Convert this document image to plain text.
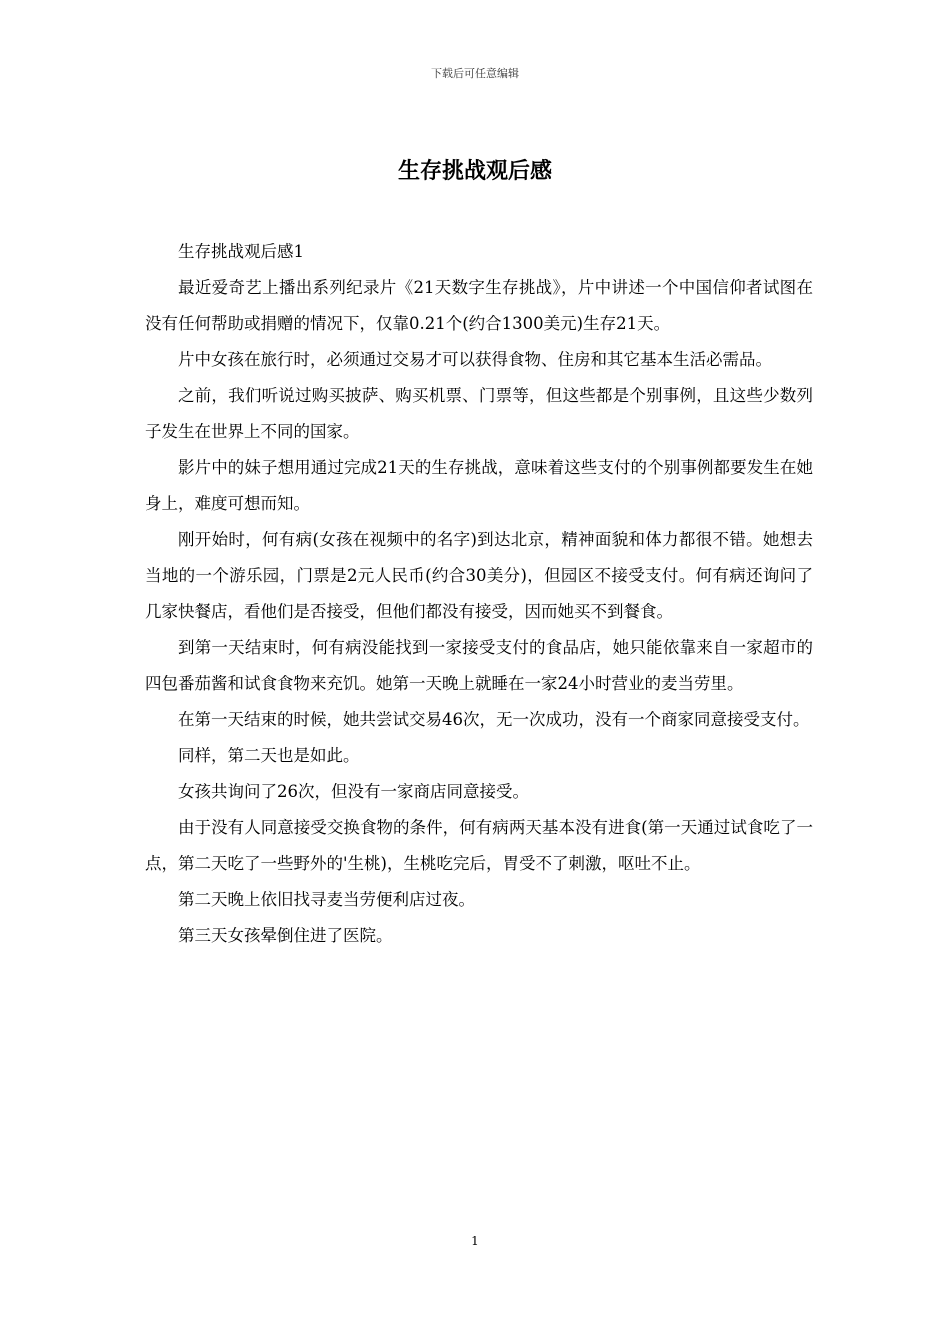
下载后可任意编辑
生存挑战观后感

生存挑战观后感1

最近爱奇艺上播出系列纪录片《21天数字生存挑战》，片中讲述一个中国信仰者试图在没有任何帮助或捐赠的情况下，仅靠0.21个(约合1300美元)生存21天。

片中女孩在旅行时，必须通过交易才可以获得食物、住房和其它基本生活必需品。

之前，我们听说过购买披萨、购买机票、门票等，但这些都是个别事例，且这些少数列子发生在世界上不同的国家。

影片中的妹子想用通过完成21天的生存挑战，意味着这些支付的个别事例都要发生在她身上，难度可想而知。

刚开始时，何有病(女孩在视频中的名字)到达北京，精神面貌和体力都很不错。她想去当地的一个游乐园，门票是2元人民币(约合30美分)，但园区不接受支付。何有病还询问了几家快餐店，看他们是否接受，但他们都没有接受，因而她买不到餐食。

到第一天结束时，何有病没能找到一家接受支付的食品店，她只能依靠来自一家超市的四包番茄酱和试食食物来充饥。她第一天晚上就睡在一家24小时营业的麦当劳里。

在第一天结束的时候，她共尝试交易46次，无一次成功，没有一个商家同意接受支付。

同样，第二天也是如此。

女孩共询问了26次，但没有一家商店同意接受。

由于没有人同意接受交换食物的条件，何有病两天基本没有进食(第一天通过试食吃了一点，第二天吃了一些野外的'生桃)，生桃吃完后，胃受不了刺激，呕吐不止。

第二天晚上依旧找寻麦当劳便利店过夜。

第三天女孩晕倒住进了医院。

1
